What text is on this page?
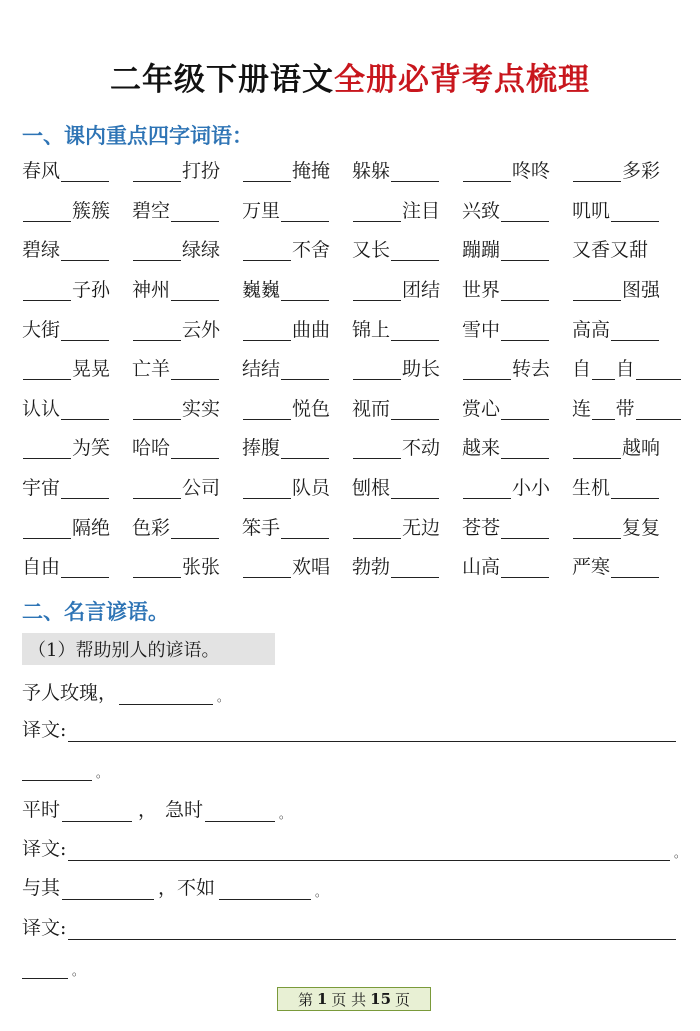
二年级下册语文全册必背考点梳理
一、课内重点四字词语：
春风	打扮	掩掩 躲躲	咚咚	多彩
簇簇 碧空	万里	注目 兴致	叽叽
碧绿	绿绿	不舍 又长	蹦蹦	又香又甜
子孙 神州	巍巍	团结 世界	图强
大街	云外	曲曲 锦上	雪中	高高
晃晃 亡羊	结结	助长	转去 自 自
认认	实实	悦色 视而	赏心	连 带
为笑 哈哈	捧腹	不动 越来	越响
宇宙	公司	队员 刨根	小小 生机
隔绝 色彩	笨手	无边 苍苍	复复
自由	张张	欢唱 勃勃	山高	严寒
二、名言谚语。
（1）帮助别人的谚语。
予人玫瑰，	。
译文:
。
平时	， 急时	。
译文:	。
与其	，不如	。
译文:
。
第 1 页 共 15 页
